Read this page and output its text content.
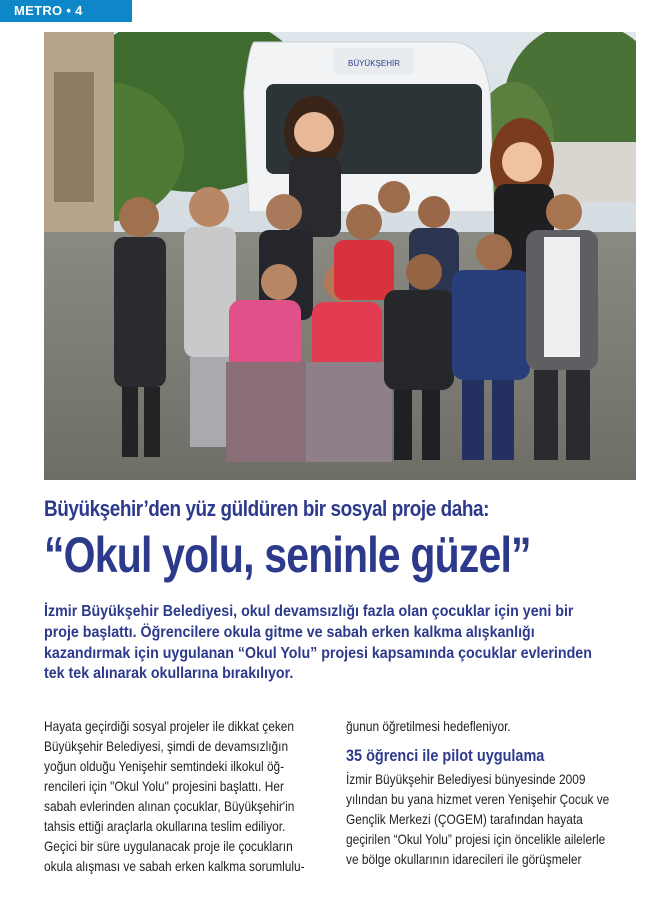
METRO • 4
BÜYÜKŞEHİR
Büyükşehir’den yüz güldüren bir sosyal proje daha:
“Okul yolu, seninle güzel”

İzmir Büyükşehir Belediyesi, okul devamsızlığı fazla olan çocuklar için yeni bir
proje başlattı. Öğrencilere okula gitme ve sabah erken kalkma alışkanlığı
kazandırmak için uygulanan “Okul Yolu” projesi kapsamında çocuklar evlerinden
tek tek alınarak okullarına bırakılıyor.

Hayata geçirdiği sosyal projeler ile dikkat çeken
Büyükşehir Belediyesi, şimdi de devamsızlığın
yoğun olduğu Yenişehir semtindeki ilkokul öğ-
rencileri için "Okul Yolu" projesini başlattı. Her
sabah evlerinden alınan çocuklar, Büyükşehir'in
tahsis ettiği araçlarla okullarına teslim ediliyor.
Geçici bir süre uygulanacak proje ile çocukların
okula alışması ve sabah erken kalkma sorumlulu-
ğunun öğretilmesi hedefleniyor.
35 öğrenci ile pilot uygulama
İzmir Büyükşehir Belediyesi bünyesinde 2009
yılından bu yana hizmet veren Yenişehir Çocuk ve
Gençlik Merkezi (ÇOGEM) tarafından hayata
geçirilen “Okul Yolu” projesi için öncelikle ailelerle
ve bölge okullarının idarecileri ile görüşmeler
